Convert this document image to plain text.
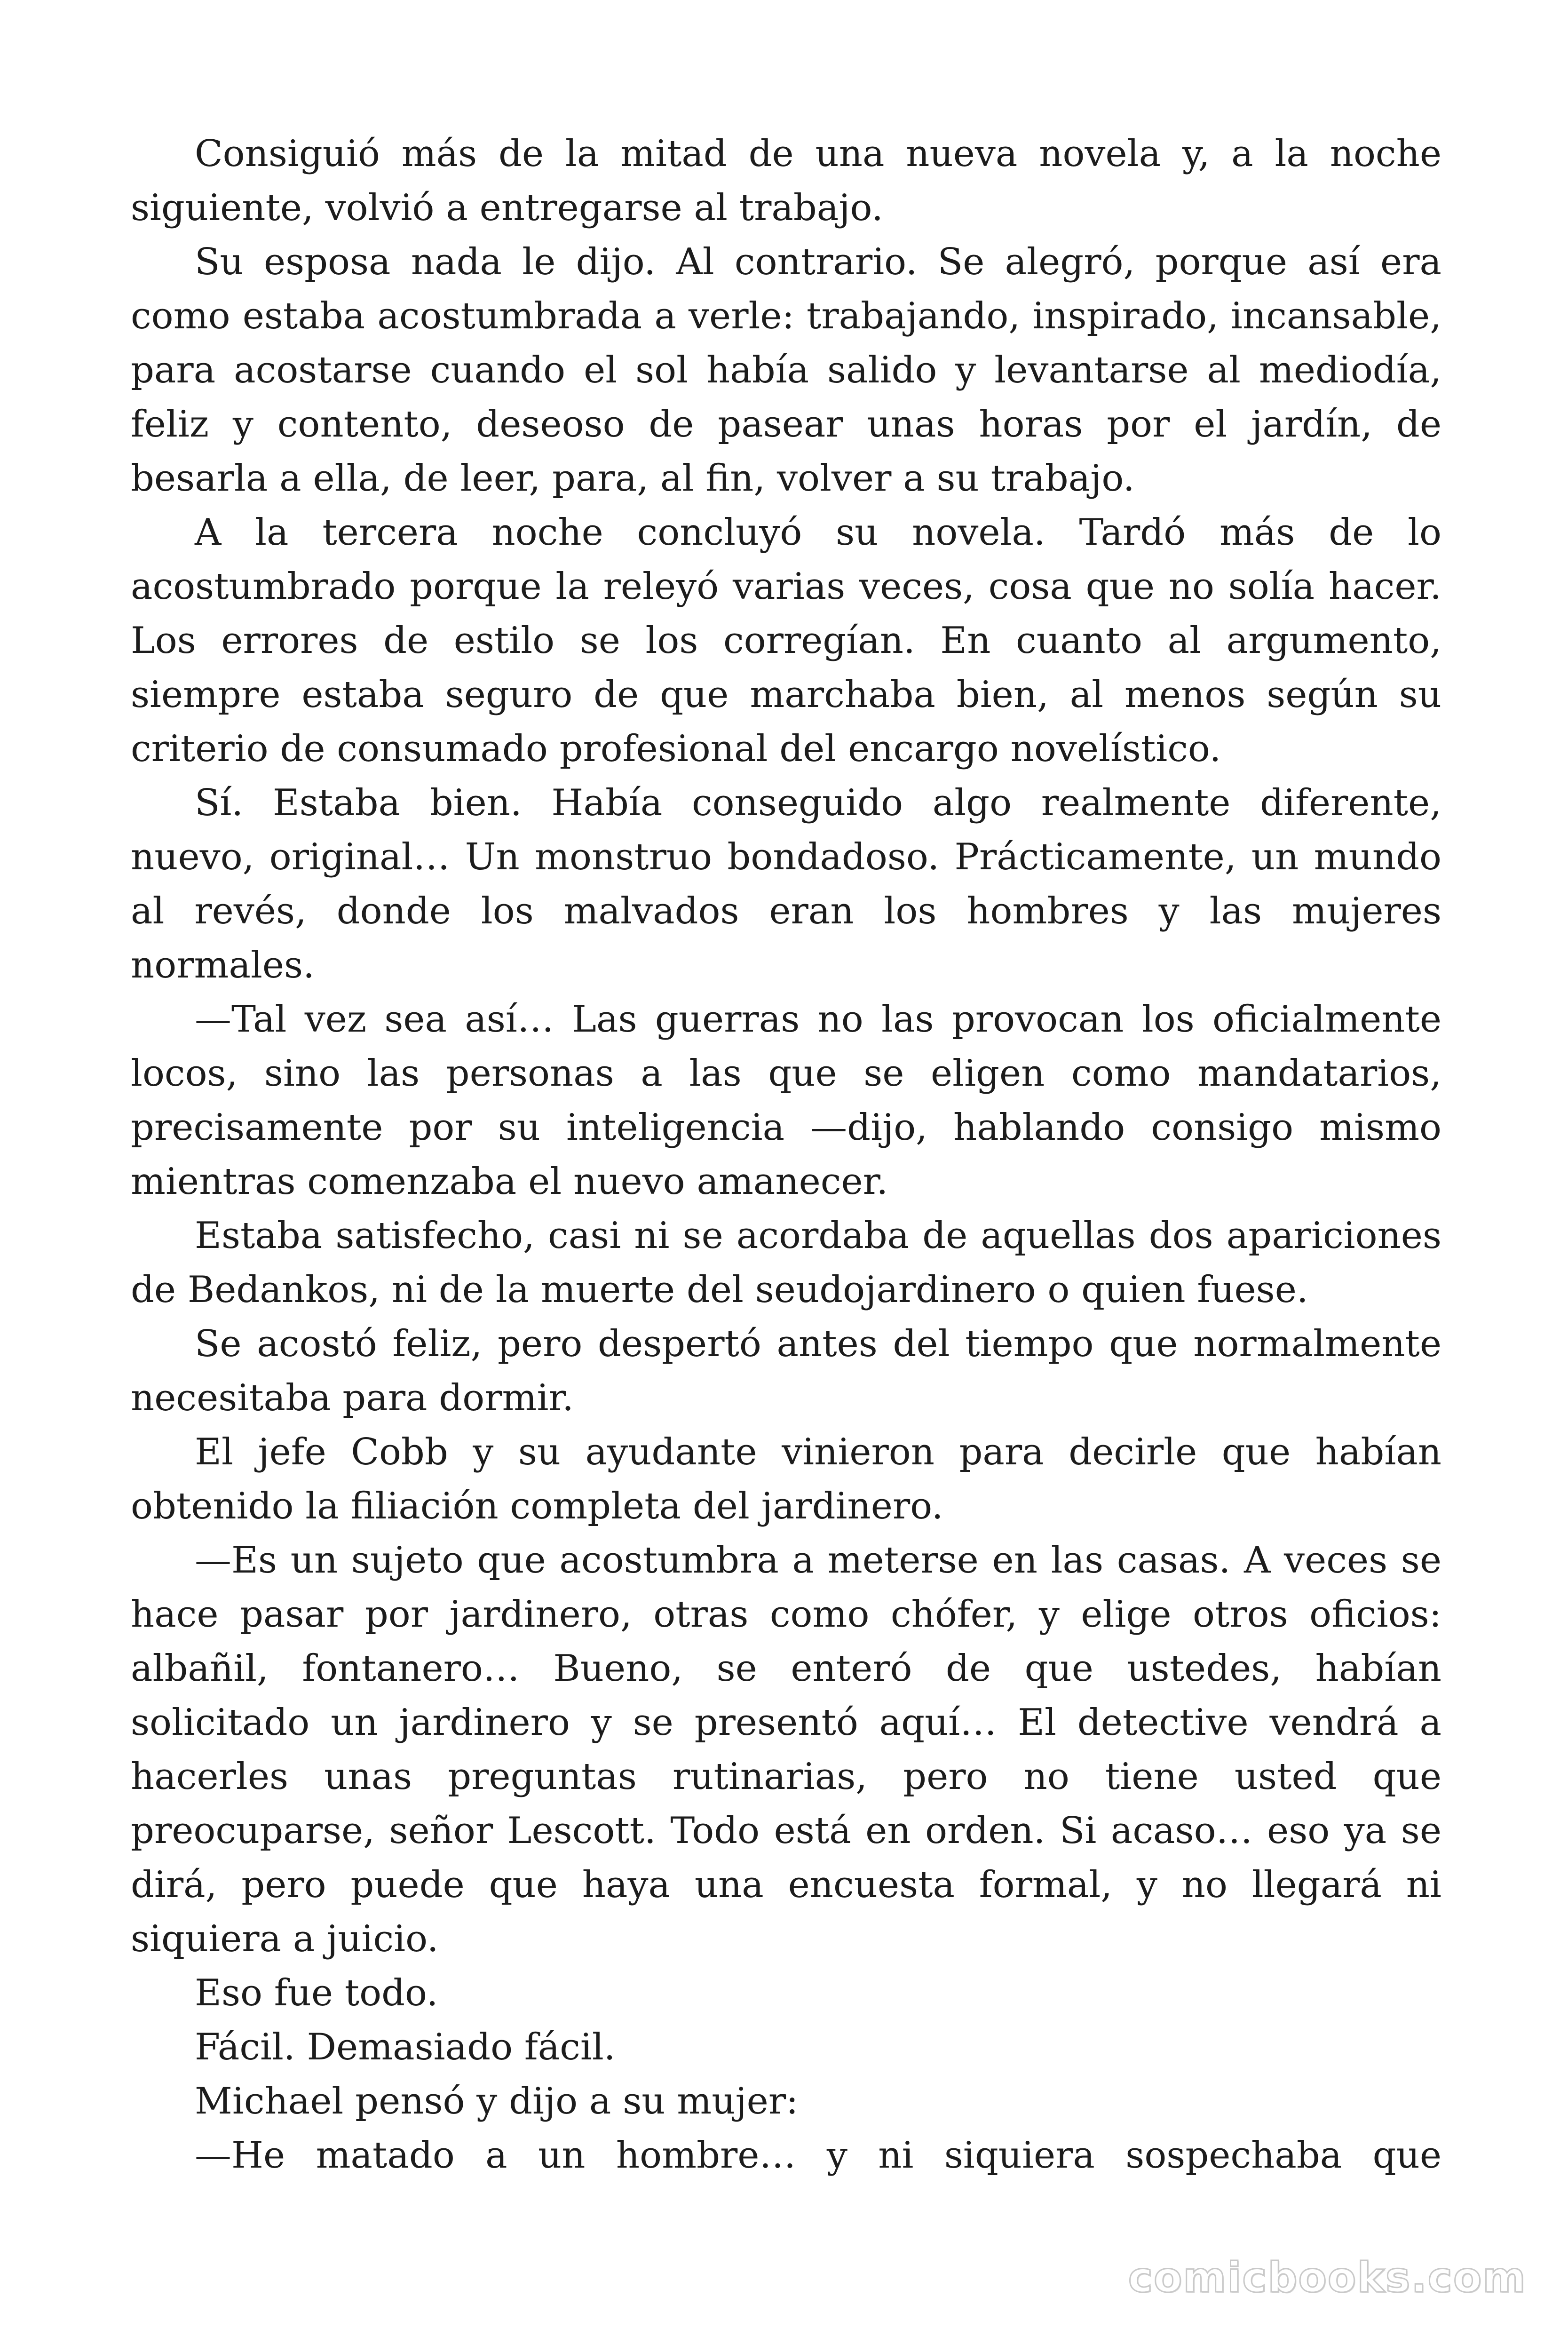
Consiguió más de la mitad de una nueva novela y, a la noche siguiente, volvió a entregarse al trabajo.

Su esposa nada le dijo. Al contrario. Se alegró, porque así era como estaba acostumbrada a verle: trabajando, inspirado, incansable, para acostarse cuando el sol había salido y levantarse al mediodía, feliz y contento, deseoso de pasear unas horas por el jardín, de besarla a ella, de leer, para, al fin, volver a su trabajo.

A la tercera noche concluyó su novela. Tardó más de lo acostumbrado porque la releyó varias veces, cosa que no solía hacer. Los errores de estilo se los corregían. En cuanto al argumento, siempre estaba seguro de que marchaba bien, al menos según su criterio de consumado profesional del encargo novelístico.

Sí. Estaba bien. Había conseguido algo realmente diferente, nuevo, original… Un monstruo bondadoso. Prácticamente, un mundo al revés, donde los malvados eran los hombres y las mujeres normales.

—Tal vez sea así… Las guerras no las provocan los oficialmente locos, sino las personas a las que se eligen como mandatarios, precisamente por su inteligencia —dijo, hablando consigo mismo mientras comenzaba el nuevo amanecer.

Estaba satisfecho, casi ni se acordaba de aquellas dos apariciones de Bedankos, ni de la muerte del seudojardinero o quien fuese.

Se acostó feliz, pero despertó antes del tiempo que normalmente necesitaba para dormir.

El jefe Cobb y su ayudante vinieron para decirle que habían obtenido la filiación completa del jardinero.

—Es un sujeto que acostumbra a meterse en las casas. A veces se hace pasar por jardinero, otras como chófer, y elige otros oficios: albañil, fontanero… Bueno, se enteró de que ustedes, habían solicitado un jardinero y se presentó aquí… El detective vendrá a hacerles unas preguntas rutinarias, pero no tiene usted que preocuparse, señor Lescott. Todo está en orden. Si acaso… eso ya se dirá, pero puede que haya una encuesta formal, y no llegará ni siquiera a juicio.

Eso fue todo.

Fácil. Demasiado fácil.

Michael pensó y dijo a su mujer:

—He matado a un hombre… y ni siquiera sospechaba que

comicbooks.com
